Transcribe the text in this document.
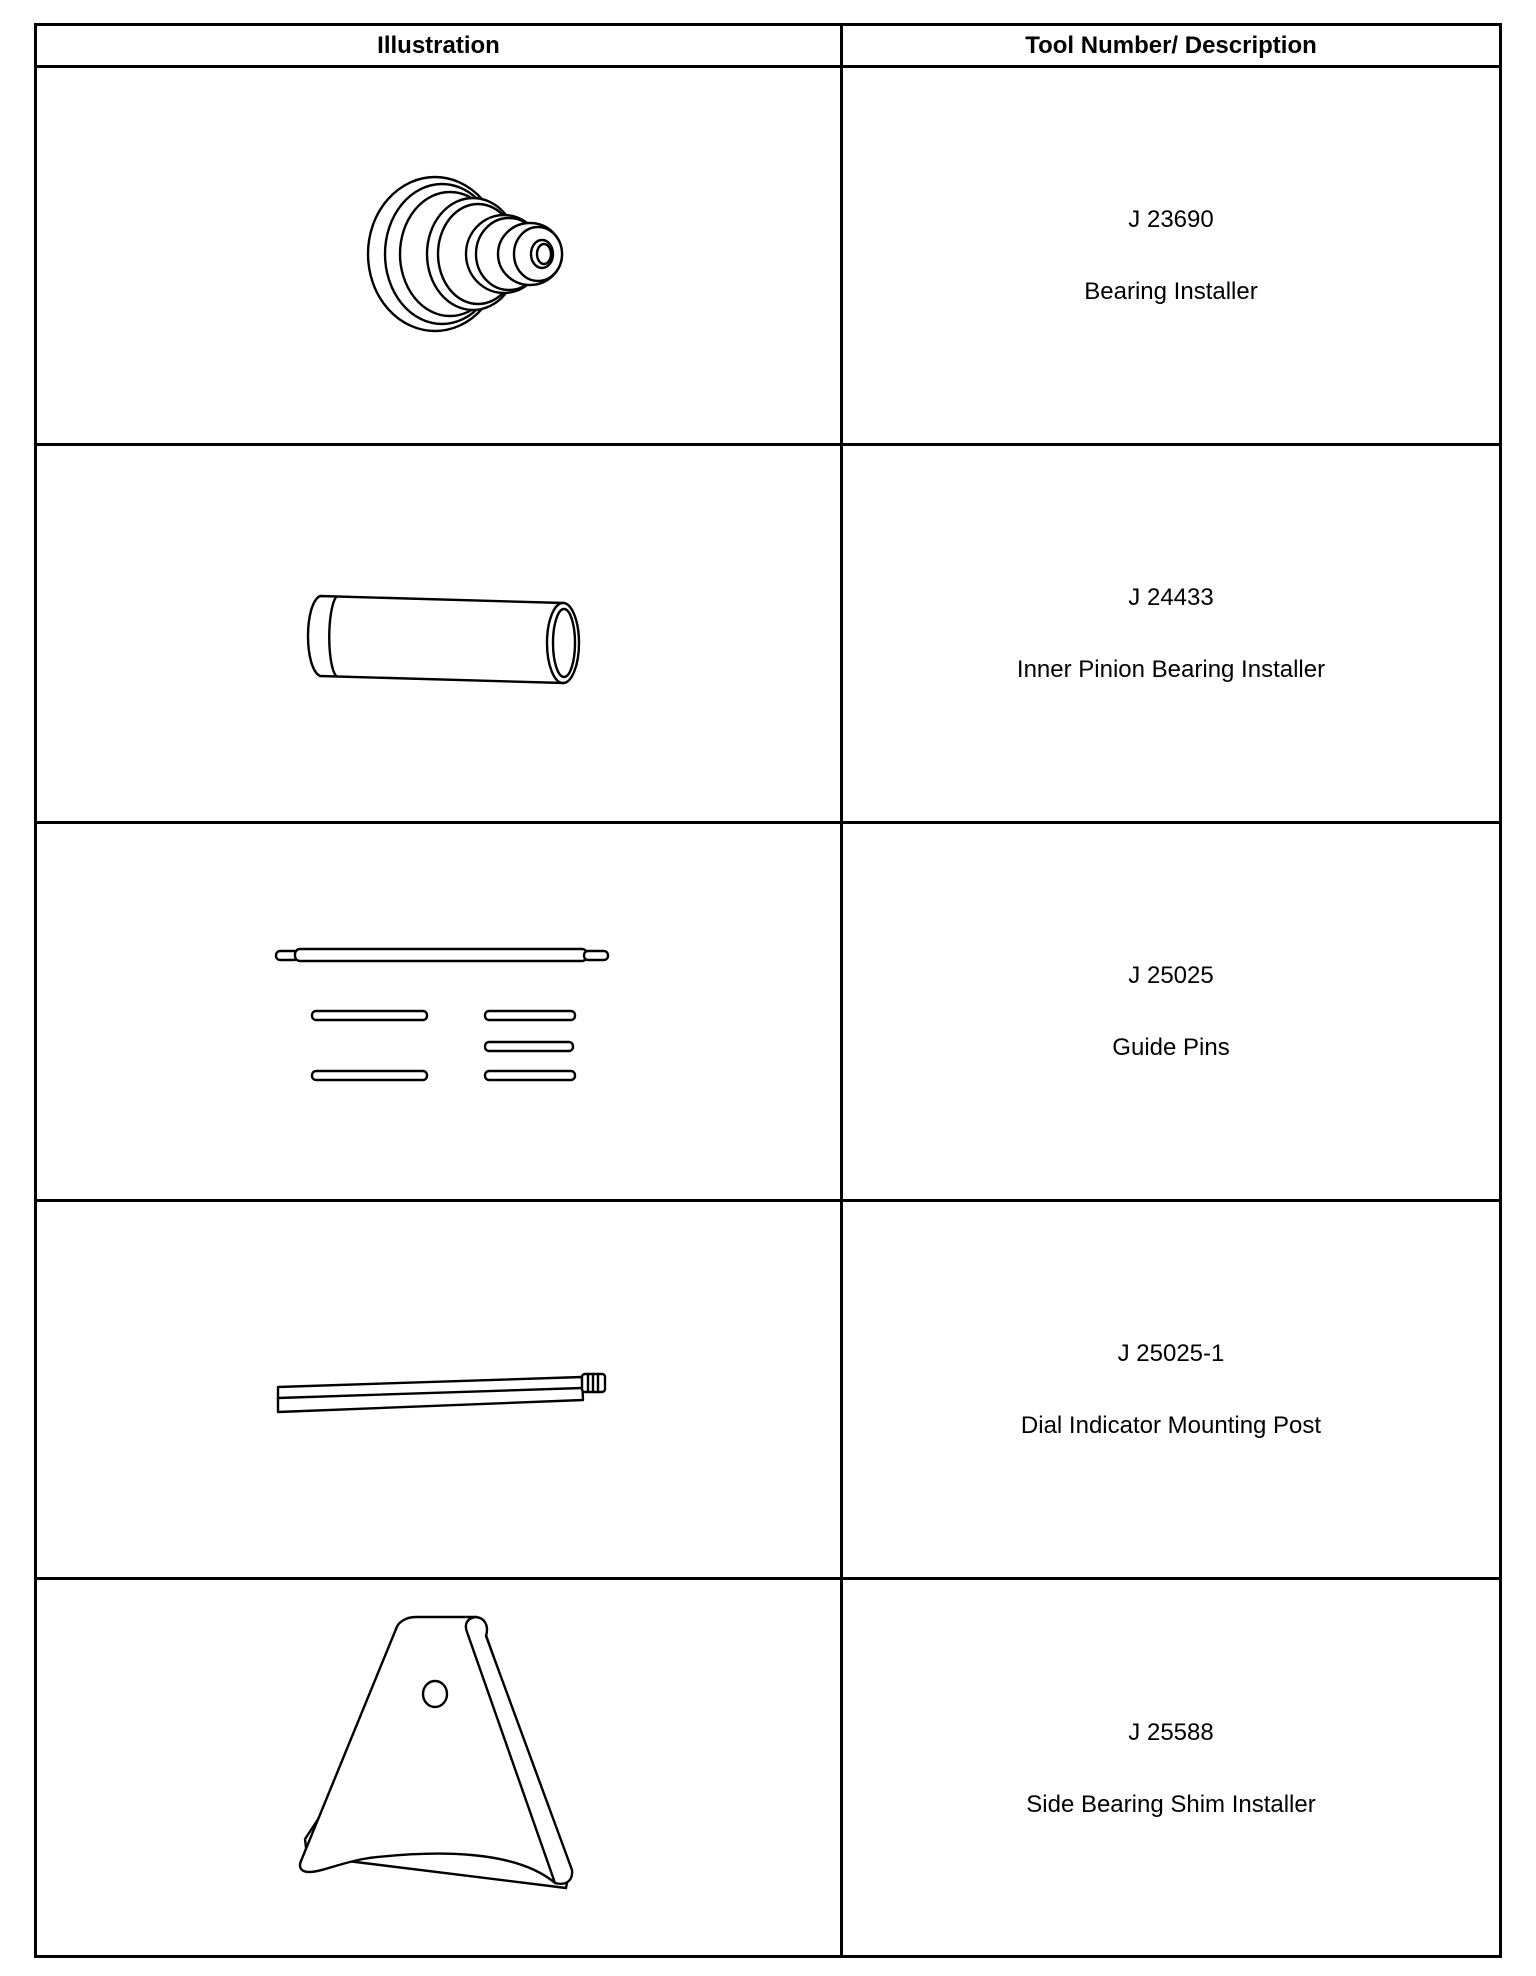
Illustration	Tool Number/ Description
J 23690
Bearing Installer
J 24433
Inner Pinion Bearing Installer
J 25025
Guide Pins
J 25025-1
Dial Indicator Mounting Post
J 25588
Side Bearing Shim Installer
